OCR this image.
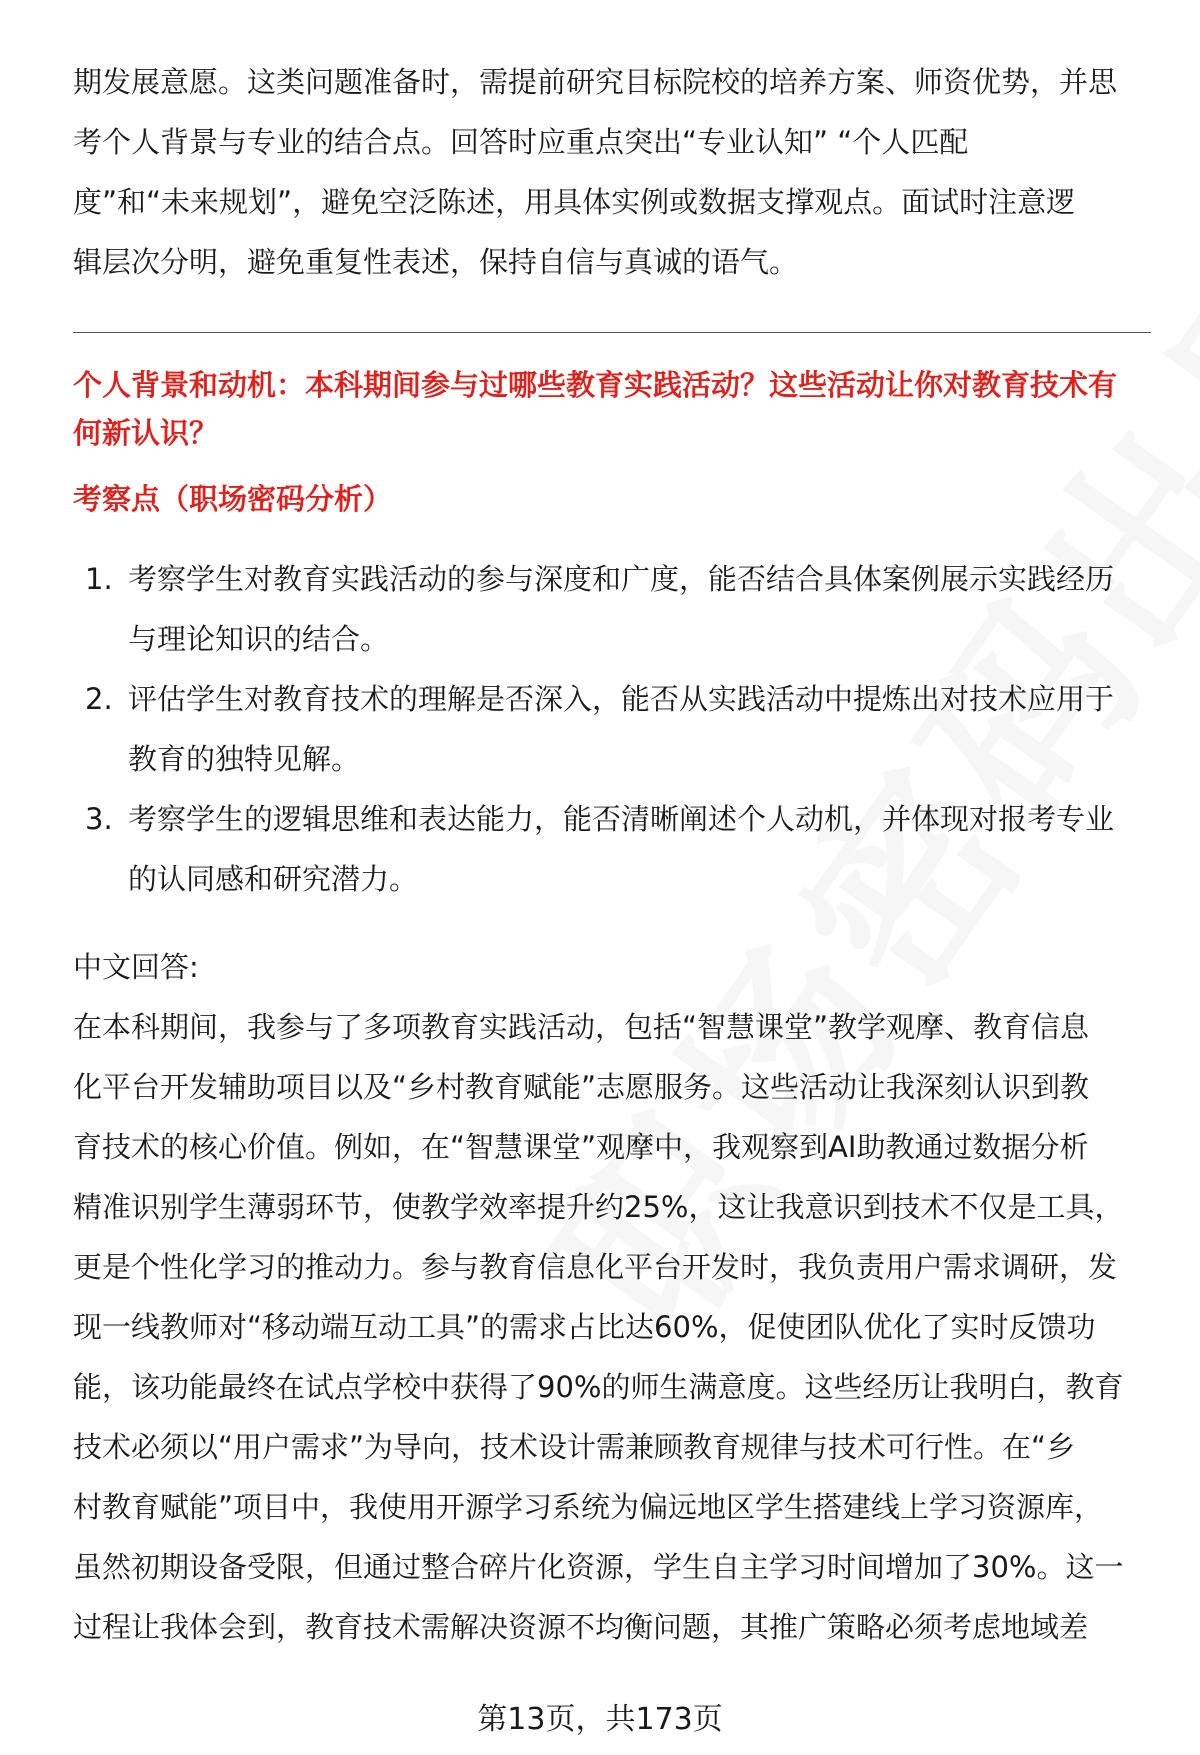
期发展意愿。这类问题准备时，需提前研究目标院校的培养方案、师资优势，并思
考个人背景与专业的结合点。回答时应重点突出“专业认知” “个人匹配
度”和“未来规划”，避免空泛陈述，用具体实例或数据支撑观点。面试时注意逻
辑层次分明，避免重复性表述，保持自信与真诚的语气。
个人背景和动机：本科期间参与过哪些教育实践活动？这些活动让你对教育技术有
何新认识？
考察点（职场密码分析）
1. 考察学生对教育实践活动的参与深度和广度，能否结合具体案例展示实践经历
与理论知识的结合。
2. 评估学生对教育技术的理解是否深入，能否从实践活动中提炼出对技术应用于
教育的独特见解。
3. 考察学生的逻辑思维和表达能力，能否清晰阐述个人动机，并体现对报考专业
的认同感和研究潜力。
中文回答:
在本科期间，我参与了多项教育实践活动，包括“智慧课堂”教学观摩、教育信息
化平台开发辅助项目以及“乡村教育赋能”志愿服务。这些活动让我深刻认识到教
育技术的核心价值。例如，在“智慧课堂”观摩中，我观察到AI助教通过数据分析
精准识别学生薄弱环节，使教学效率提升约25%，这让我意识到技术不仅是工具，
更是个性化学习的推动力。参与教育信息化平台开发时，我负责用户需求调研，发
现一线教师对“移动端互动工具”的需求占比达60%，促使团队优化了实时反馈功
能，该功能最终在试点学校中获得了90%的师生满意度。这些经历让我明白，教育
技术必须以“用户需求”为导向，技术设计需兼顾教育规律与技术可行性。在“乡
村教育赋能”项目中，我使用开源学习系统为偏远地区学生搭建线上学习资源库，
虽然初期设备受限，但通过整合碎片化资源，学生自主学习时间增加了30%。这一
过程让我体会到，教育技术需解决资源不均衡问题，其推广策略必须考虑地域差
第13页，共173页
